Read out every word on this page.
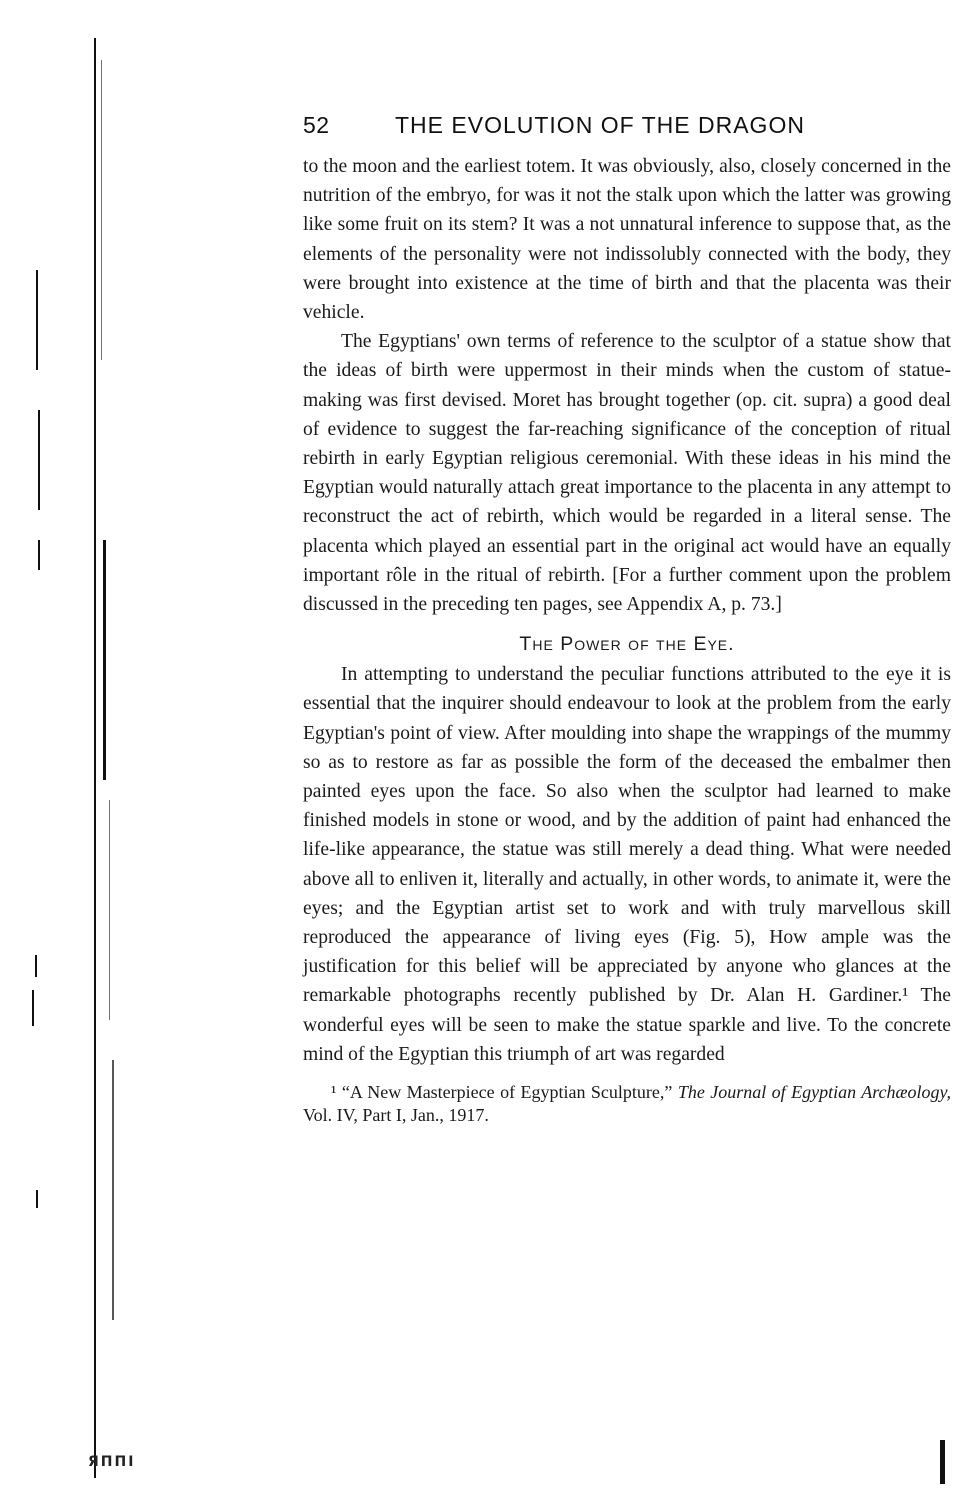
52	THE EVOLUTION OF THE DRAGON

to the moon and the earliest totem. It was obviously, also, closely concerned in the nutrition of the embryo, for was it not the stalk upon which the latter was growing like some fruit on its stem? It was a not unnatural inference to suppose that, as the elements of the personality were not indissolubly connected with the body, they were brought into existence at the time of birth and that the placenta was their vehicle.

The Egyptians' own terms of reference to the sculptor of a statue show that the ideas of birth were uppermost in their minds when the custom of statue-making was first devised. Moret has brought together (op. cit. supra) a good deal of evidence to suggest the far-reaching significance of the conception of ritual rebirth in early Egyptian religious ceremonial. With these ideas in his mind the Egyptian would naturally attach great importance to the placenta in any attempt to reconstruct the act of rebirth, which would be regarded in a literal sense. The placenta which played an essential part in the original act would have an equally important rôle in the ritual of rebirth. [For a further comment upon the problem discussed in the preceding ten pages, see Appendix A, p. 73.]

The Power of the Eye.

In attempting to understand the peculiar functions attributed to the eye it is essential that the inquirer should endeavour to look at the problem from the early Egyptian's point of view. After moulding into shape the wrappings of the mummy so as to restore as far as possible the form of the deceased the embalmer then painted eyes upon the face. So also when the sculptor had learned to make finished models in stone or wood, and by the addition of paint had enhanced the life-like appearance, the statue was still merely a dead thing. What were needed above all to enliven it, literally and actually, in other words, to animate it, were the eyes; and the Egyptian artist set to work and with truly marvellous skill reproduced the appearance of living eyes (Fig. 5), How ample was the justification for this belief will be appreciated by anyone who glances at the remarkable photographs recently published by Dr. Alan H. Gardiner.¹ The wonderful eyes will be seen to make the statue sparkle and live. To the concrete mind of the Egyptian this triumph of art was regarded

¹ “A New Masterpiece of Egyptian Sculpture,” The Journal of Egyptian Archæology, Vol. IV, Part I, Jan., 1917.
ЯΠΠΙ
